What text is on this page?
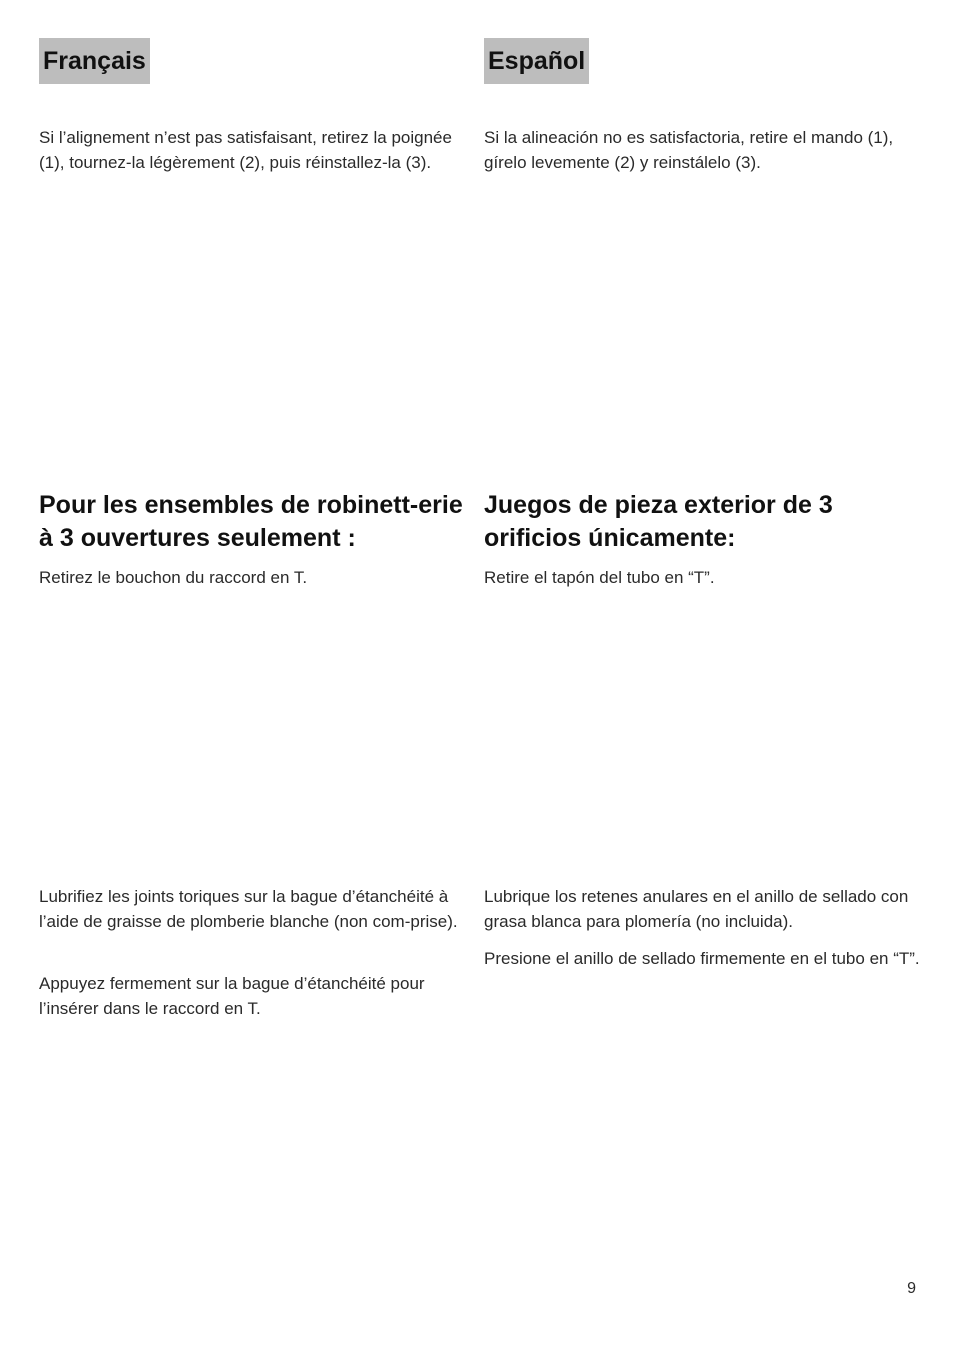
Français

Si l’alignement n’est pas satisfaisant, retirez la poignée (1), tournez-la légèrement (2), puis réinstallez-la (3).

Pour les ensembles de robinett-erie à 3 ouvertures seulement :

Retirez le bouchon du raccord en T.

Lubrifiez les joints toriques sur la bague d’étanchéité à l’aide de graisse de plomberie blanche (non com-prise).

Appuyez fermement sur la bague d’étanchéité pour l’insérer dans le raccord en T.

Español

Si la alineación no es satisfactoria, retire el mando (1), gírelo levemente (2) y reinstálelo (3).

Juegos de pieza exterior de 3 orificios únicamente:

Retire el tapón del tubo en “T”.

Lubrique los retenes anulares en el anillo de sellado con grasa blanca para plomería (no incluida).

Presione el anillo de sellado firmemente en el tubo en “T”.

9
